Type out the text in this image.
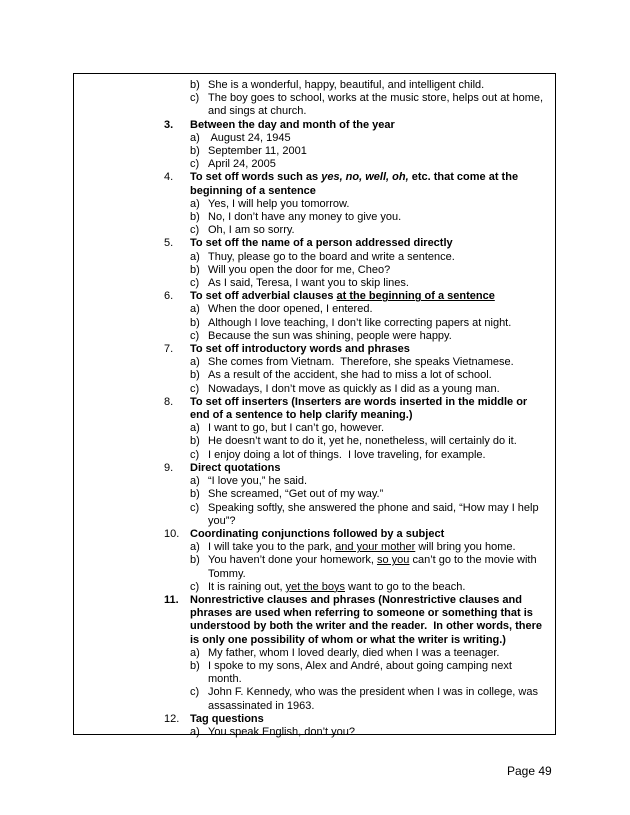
b) She is a wonderful, happy, beautiful, and intelligent child.
c) The boy goes to school, works at the music store, helps out at home, and sings at church.
3.	Between the day and month of the year
a) August 24, 1945
b) September 11, 2001
c) April 24, 2005
4.	To set off words such as yes, no, well, oh, etc. that come at the beginning of a sentence
a) Yes, I will help you tomorrow.
b) No, I don’t have any money to give you.
c) Oh, I am so sorry.
5.	To set off the name of a person addressed directly
a) Thuy, please go to the board and write a sentence.
b) Will you open the door for me, Cheo?
c) As I said, Teresa, I want you to skip lines.
6.	To set off adverbial clauses at the beginning of a sentence
a) When the door opened, I entered.
b) Although I love teaching, I don’t like correcting papers at night.
c) Because the sun was shining, people were happy.
7.	To set off introductory words and phrases
a) She comes from Vietnam.  Therefore, she speaks Vietnamese.
b) As a result of the accident, she had to miss a lot of school.
c) Nowadays, I don’t move as quickly as I did as a young man.
8.	To set off inserters (Inserters are words inserted in the middle or end of a sentence to help clarify meaning.)
a) I want to go, but I can’t go, however.
b) He doesn’t want to do it, yet he, nonetheless, will certainly do it.
c) I enjoy doing a lot of things.  I love traveling, for example.
9.	Direct quotations
a) “I love you,” he said.
b) She screamed, “Get out of my way.”
c) Speaking softly, she answered the phone and said, “How may I help you”?
10. Coordinating conjunctions followed by a subject
a) I will take you to the park, and your mother will bring you home.
b) You haven’t done your homework, so you can’t go to the movie with Tommy.
c) It is raining out, yet the boys want to go to the beach.
11.	Nonrestrictive clauses and phrases (Nonrestrictive clauses and phrases are used when referring to someone or something that is understood by both the writer and the reader.  In other words, there is only one possibility of whom or what the writer is writing.)
a) My father, whom I loved dearly, died when I was a teenager.
b) I spoke to my sons, Alex and André, about going camping next month.
c) John F. Kennedy, who was the president when I was in college, was assassinated in 1963.
12. Tag questions
a) You speak English, don’t you?
Page 49
